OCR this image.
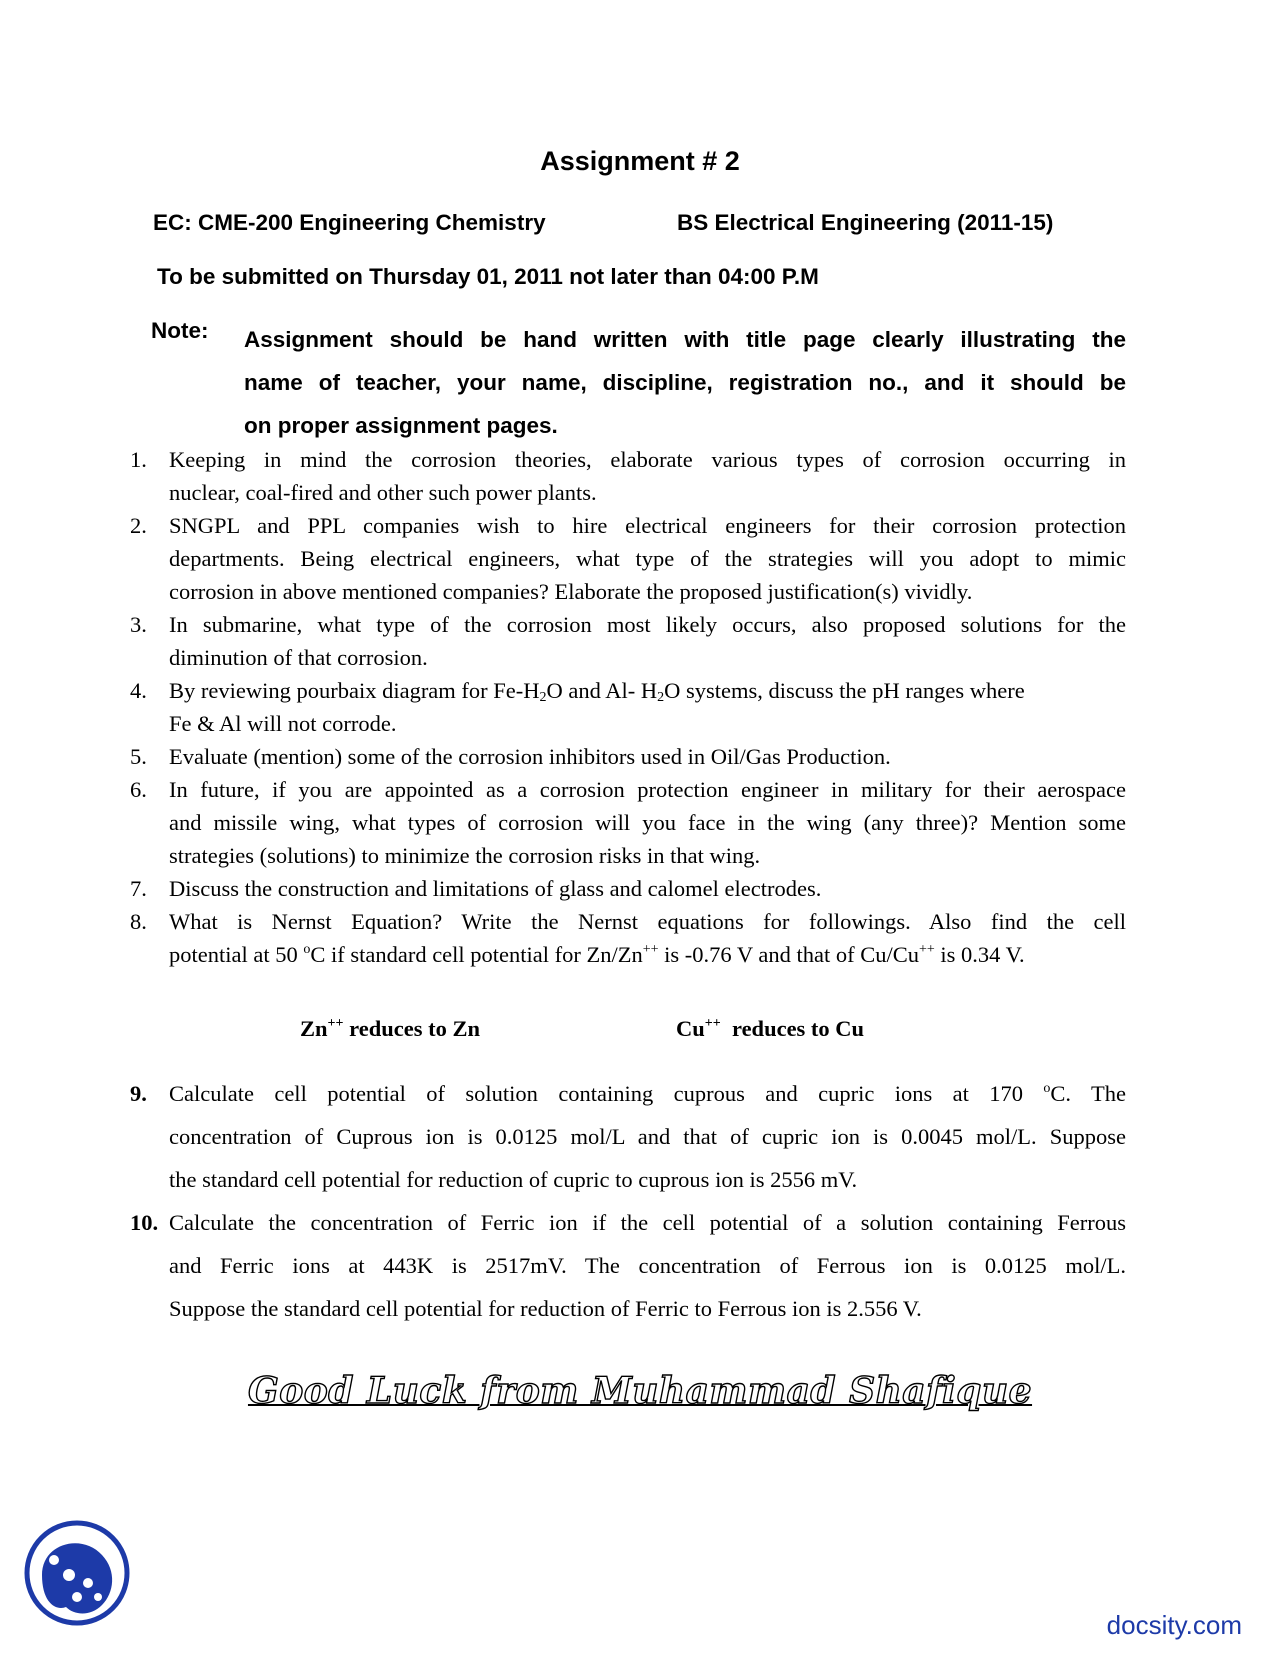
Assignment # 2
EC: CME-200 Engineering Chemistry	BS Electrical Engineering (2011-15)
To be submitted on Thursday 01, 2011 not later than 04:00 P.M
Note: Assignment should be hand written with title page clearly illustrating the
name of teacher, your name, discipline, registration no., and it should be
on proper assignment pages.
1. Keeping in mind the corrosion theories, elaborate various types of corrosion occurring in
nuclear, coal-fired and other such power plants.
2. SNGPL and PPL companies wish to hire electrical engineers for their corrosion protection
departments. Being electrical engineers, what type of the strategies will you adopt to mimic
corrosion in above mentioned companies? Elaborate the proposed justification(s) vividly.
3. In submarine, what type of the corrosion most likely occurs, also proposed solutions for the
diminution of that corrosion.
4. By reviewing pourbaix diagram for $Fe-H_2O$ and Al- $H_2O$ systems, discuss the pH ranges where
Fe & Al will not corrode.
5. Evaluate (mention) some of the corrosion inhibitors used in Oil/Gas Production.
6. In future, if you are appointed as a corrosion protection engineer in military for their aerospace
and missile wing, what types of corrosion will you face in the wing (any three)? Mention some
strategies (solutions) to minimize the corrosion risks in that wing.
7. Discuss the construction and limitations of glass and calomel electrodes.
8. What is Nernst Equation? Write the Nernst equations for followings. Also find the cell
potential at 50 $^o$C if standard cell potential for Zn/Zn++ is -0.76 V and that of Cu/Cu++ is 0.34 V.
Zn++ reduces to Zn	Cu++  reduces to Cu
9. Calculate cell potential of solution containing cuprous and cupric ions at 170 $^o$C. The
concentration of Cuprous ion is 0.0125 mol/L and that of cupric ion is 0.0045 mol/L. Suppose
the standard cell potential for reduction of cupric to cuprous ion is 2556 mV.
10. Calculate the concentration of Ferric ion if the cell potential of a solution containing Ferrous
and Ferric ions at 443K is 2517mV. The concentration of Ferrous ion is 0.0125 mol/L.
Suppose the standard cell potential for reduction of Ferric to Ferrous ion is 2.556 V.
Good Luck from Muhammad Shafique
docsity.com
